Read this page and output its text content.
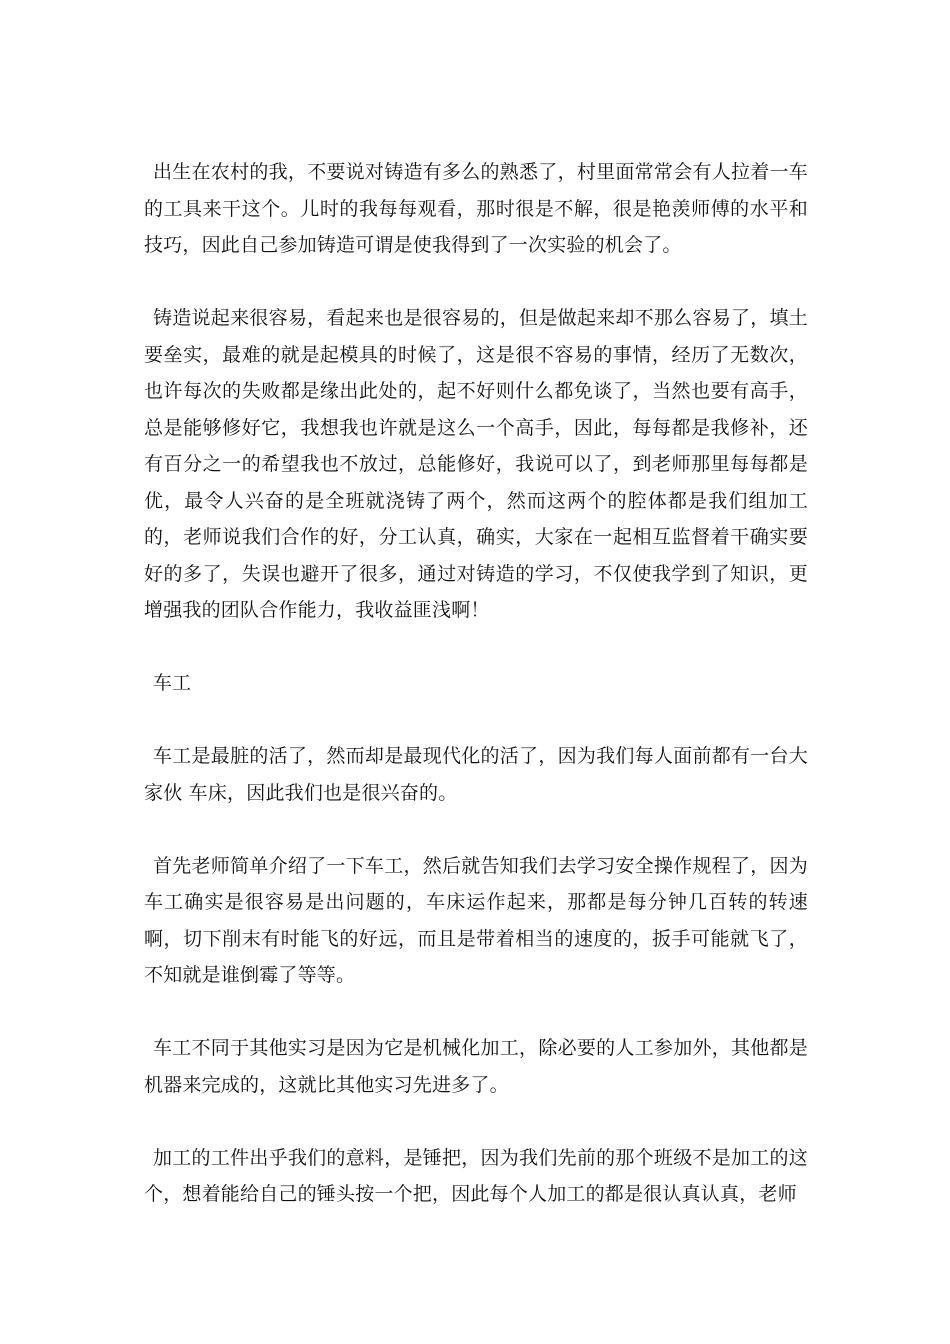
出生在农村的我，不要说对铸造有多么的熟悉了，村里面常常会有人拉着一车的工具来干这个。儿时的我每每观看，那时很是不解，很是艳羡师傅的水平和技巧，因此自己参加铸造可谓是使我得到了一次实验的机会了。

铸造说起来很容易，看起来也是很容易的，但是做起来却不那么容易了，填土要垒实，最难的就是起模具的时候了，这是很不容易的事情，经历了无数次，也许每次的失败都是缘出此处的，起不好则什么都免谈了，当然也要有高手，总是能够修好它，我想我也许就是这么一个高手，因此，每每都是我修补，还有百分之一的希望我也不放过，总能修好，我说可以了，到老师那里每每都是优，最令人兴奋的是全班就浇铸了两个，然而这两个的腔体都是我们组加工的，老师说我们合作的好，分工认真，确实，大家在一起相互监督着干确实要好的多了，失误也避开了很多，通过对铸造的学习，不仅使我学到了知识，更增强我的团队合作能力，我收益匪浅啊！

车工

车工是最脏的活了，然而却是最现代化的活了，因为我们每人面前都有一台大家伙 车床，因此我们也是很兴奋的。

首先老师简单介绍了一下车工，然后就告知我们去学习安全操作规程了，因为车工确实是很容易是出问题的，车床运作起来，那都是每分钟几百转的转速啊，切下削末有时能飞的好远，而且是带着相当的速度的，扳手可能就飞了，不知就是谁倒霉了等等。

车工不同于其他实习是因为它是机械化加工，除必要的人工参加外，其他都是机器来完成的，这就比其他实习先进多了。

加工的工件出乎我们的意料，是锤把，因为我们先前的那个班级不是加工的这个，想着能给自己的锤头按一个把，因此每个人加工的都是很认真认真，老师
